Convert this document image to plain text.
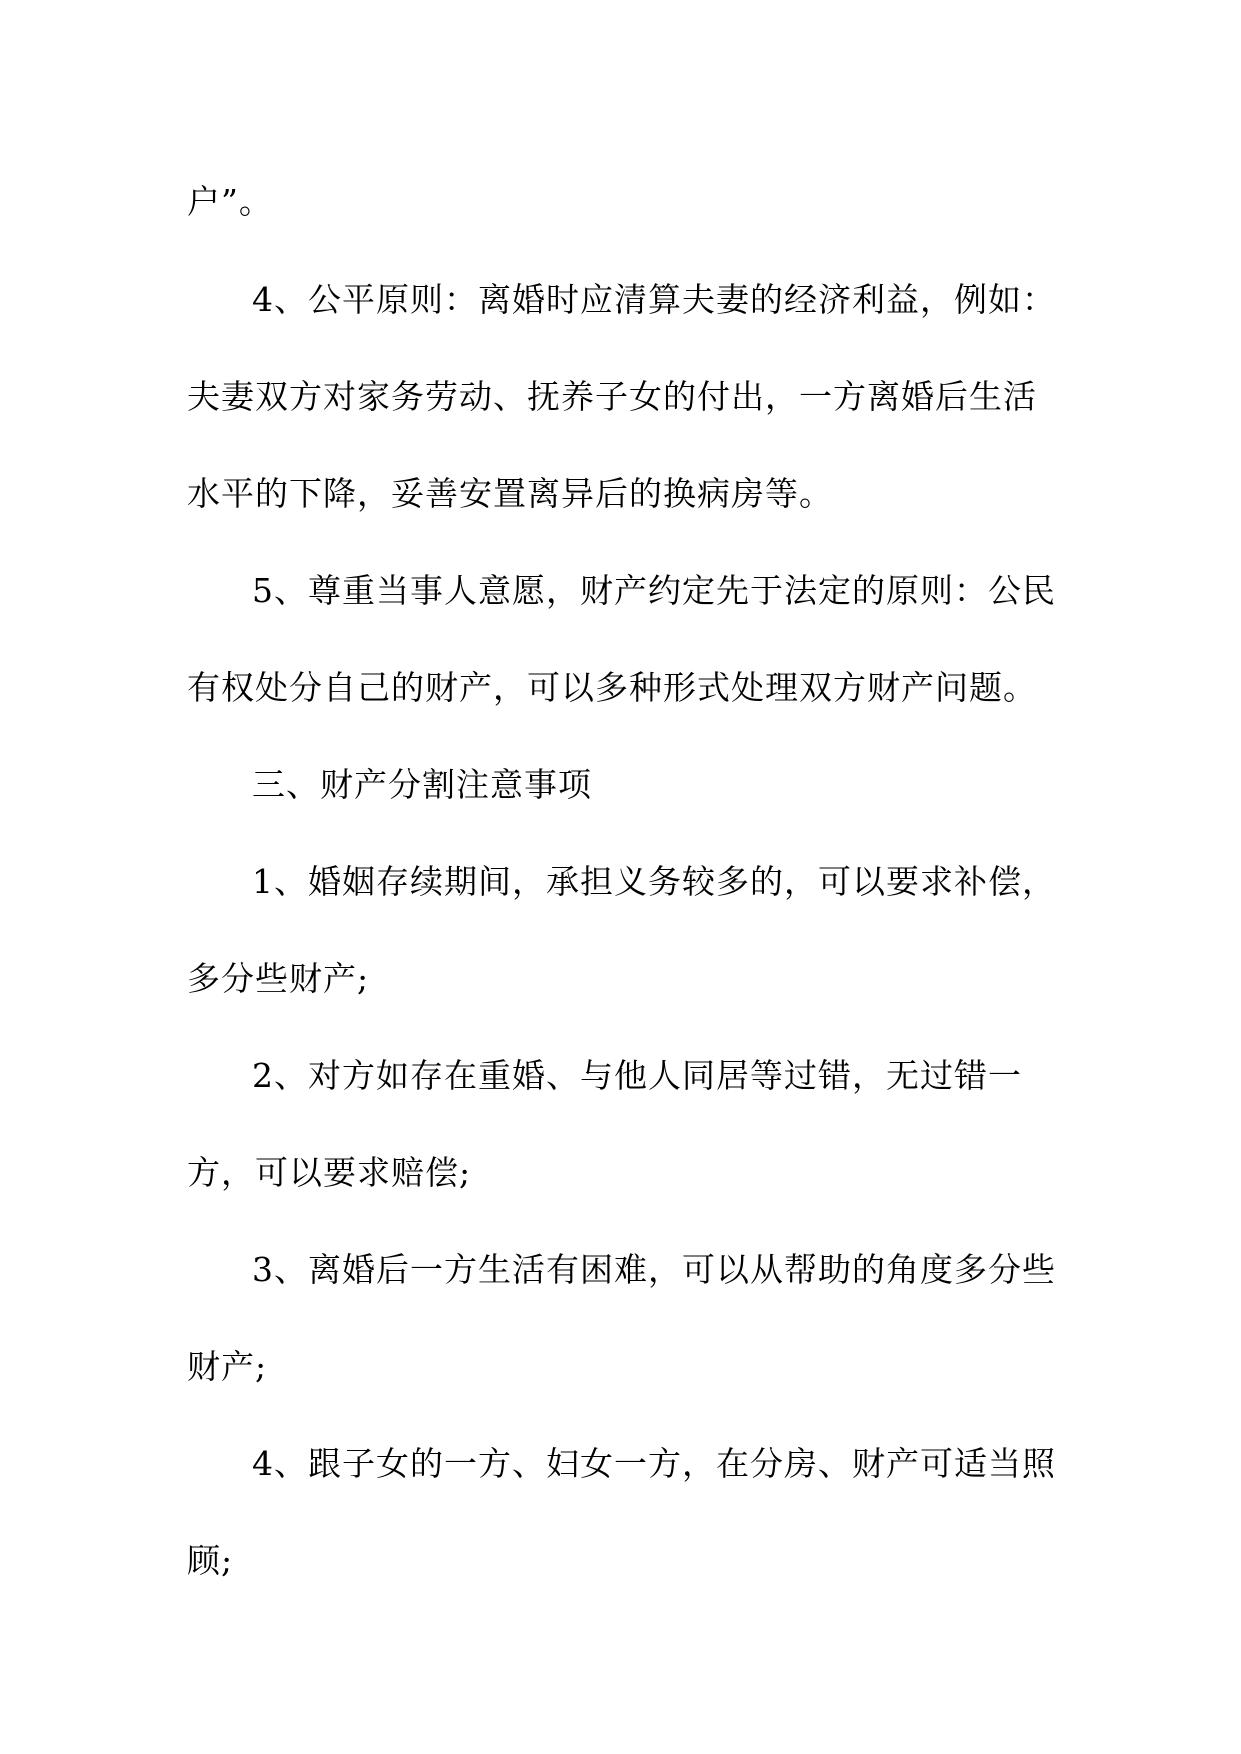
户”。
4、公平原则：离婚时应清算夫妻的经济利益，例如：
夫妻双方对家务劳动、抚养子女的付出，一方离婚后生活
水平的下降，妥善安置离异后的换病房等。
5、尊重当事人意愿，财产约定先于法定的原则：公民
有权处分自己的财产，可以多种形式处理双方财产问题。
三、财产分割注意事项
1、婚姻存续期间，承担义务较多的，可以要求补偿，
多分些财产;
2、对方如存在重婚、与他人同居等过错，无过错一
方，可以要求赔偿;
3、离婚后一方生活有困难，可以从帮助的角度多分些
财产;
4、跟子女的一方、妇女一方，在分房、财产可适当照
顾;
